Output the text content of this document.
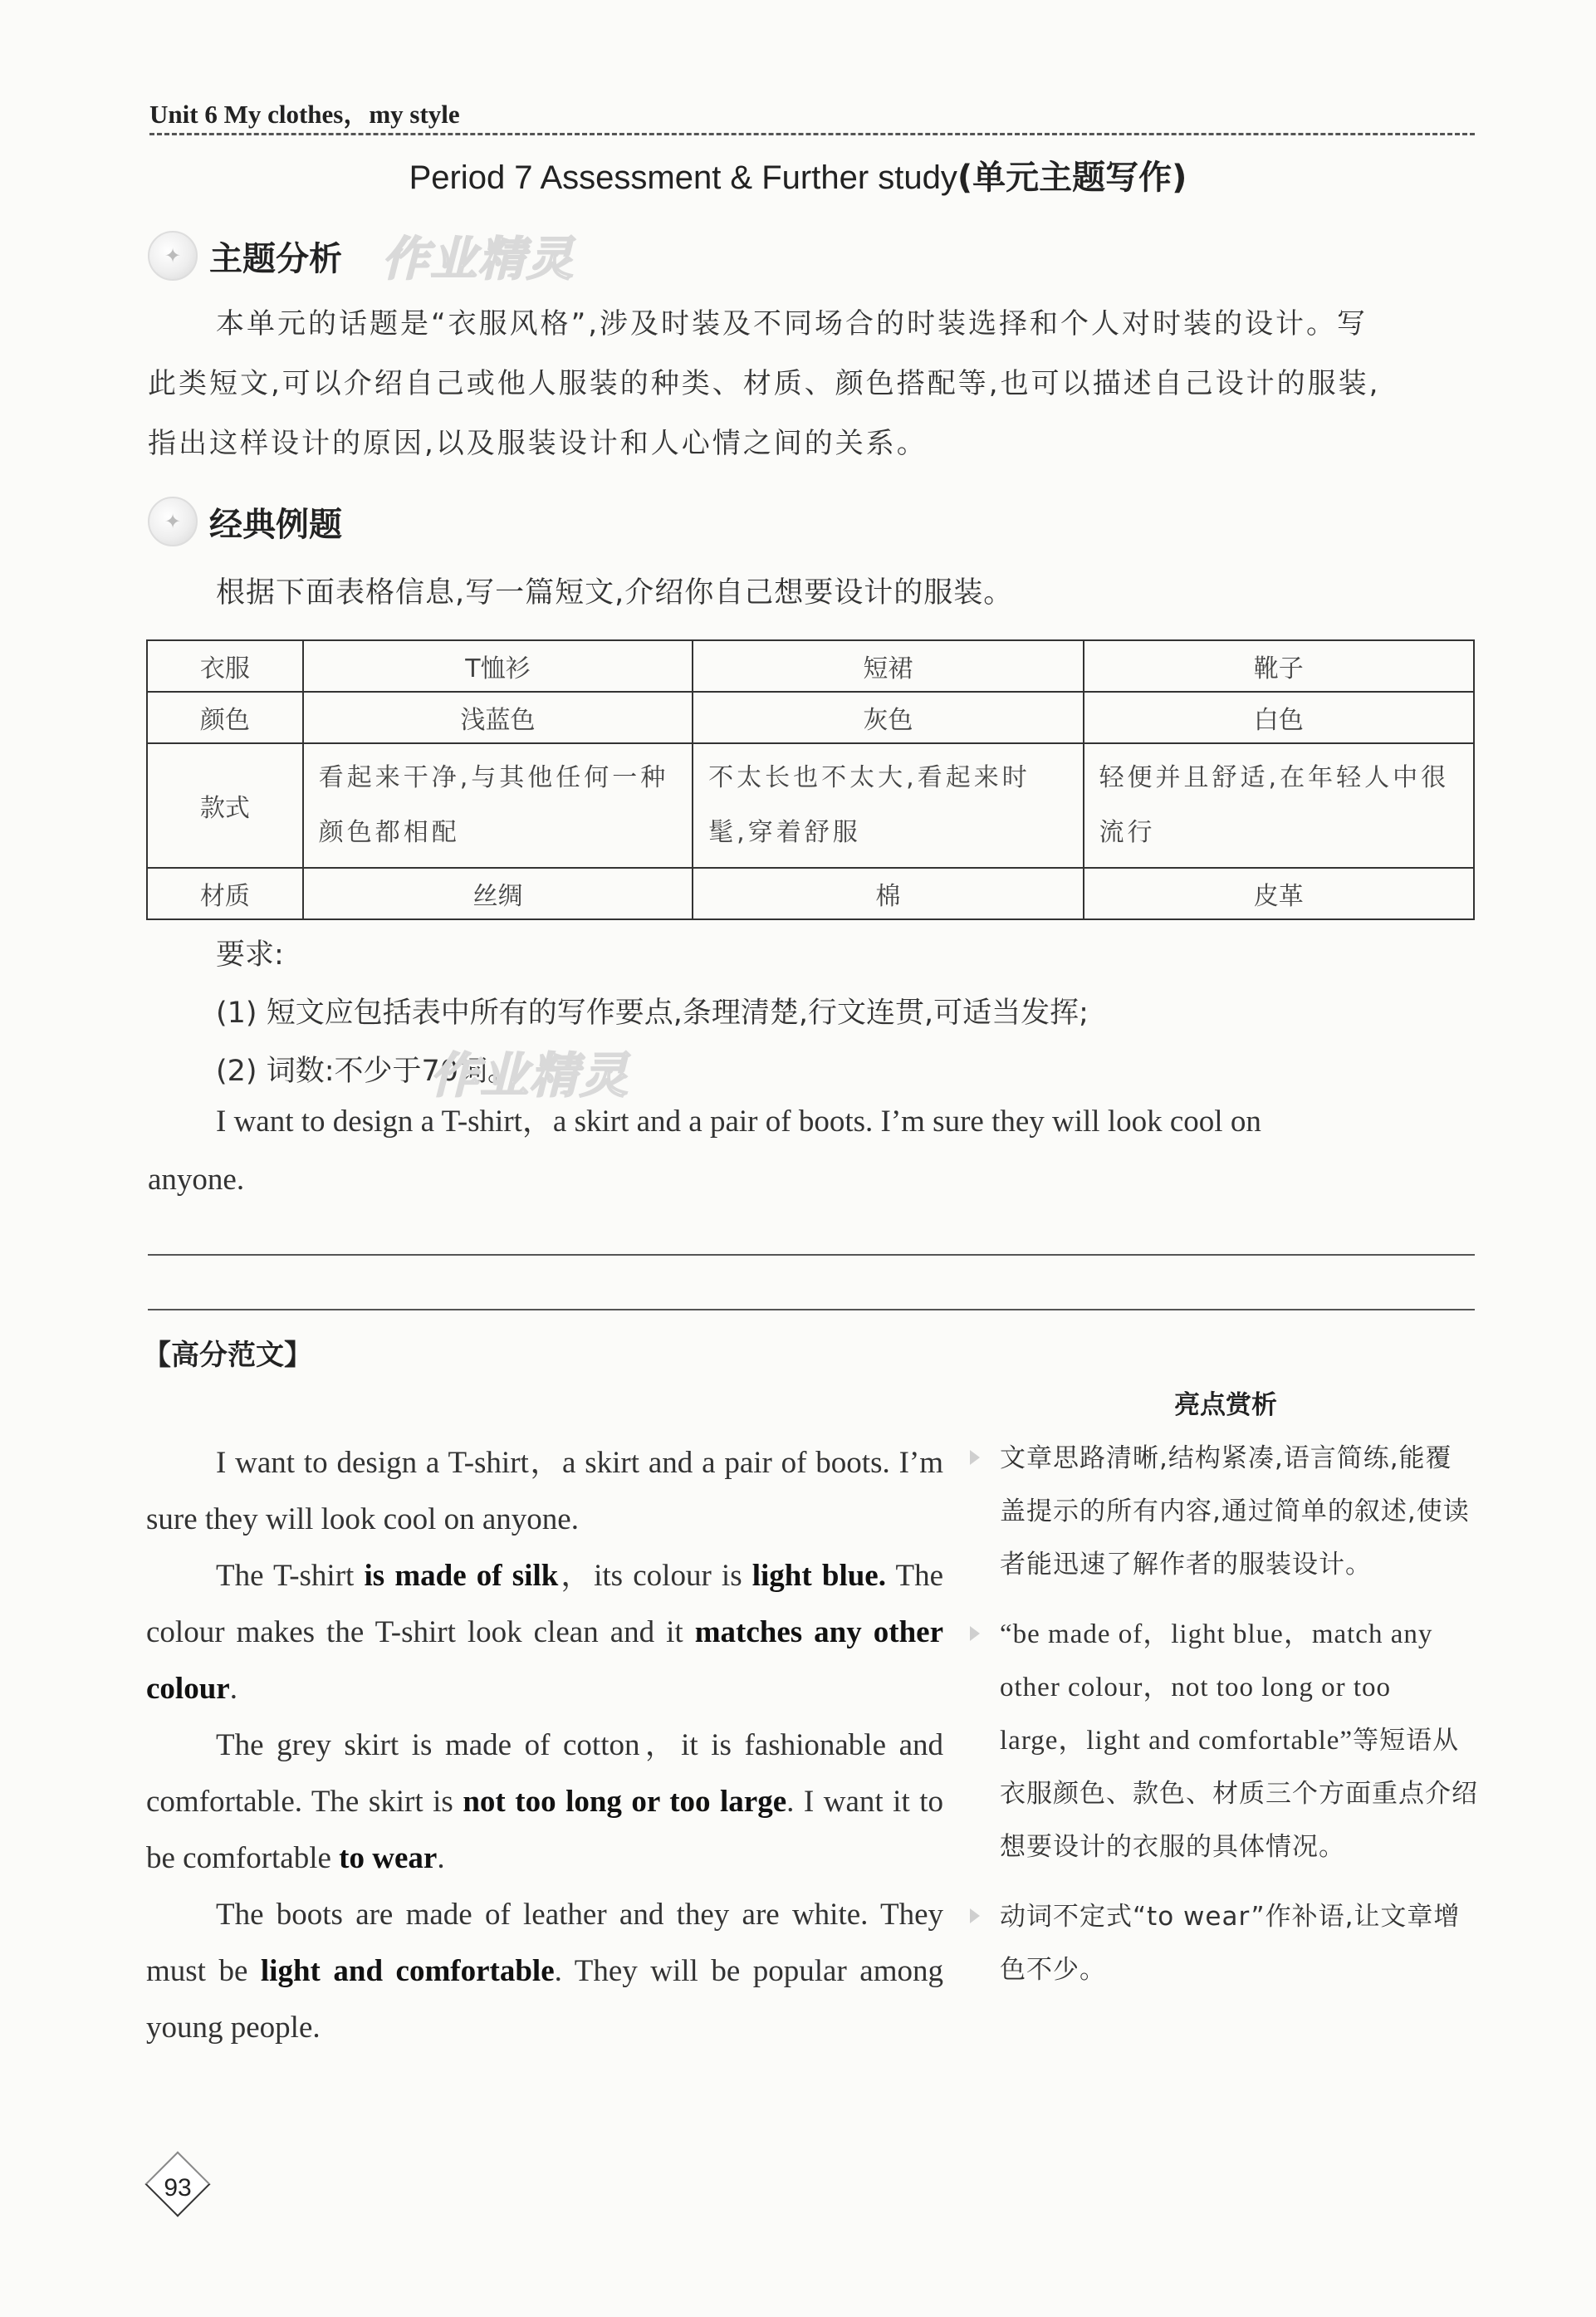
Unit 6 My clothes，my style
Period 7 Assessment & Further study(单元主题写作)
✦ 主题分析 作业精灵
本单元的话题是“衣服风格”,涉及时装及不同场合的时装选择和个人对时装的设计。写
此类短文,可以介绍自己或他人服装的种类、材质、颜色搭配等,也可以描述自己设计的服装,
指出这样设计的原因,以及服装设计和人心情之间的关系。
✦ 经典例题
根据下面表格信息,写一篇短文,介绍你自己想要设计的服装。
衣服	T恤衫	短裙	靴子
颜色	浅蓝色	灰色	白色
款式	看起来干净,与其他任何一种颜色都相配	不太长也不太大,看起来时髦,穿着舒服	轻便并且舒适,在年轻人中很流行
材质	丝绸	棉	皮革
要求:
(1) 短文应包括表中所有的写作要点,条理清楚,行文连贯,可适当发挥;
(2) 词数:不少于70词。
作业精灵
I want to design a T-shirt，a skirt and a pair of boots. I’m sure they will look cool on
anyone.
【高分范文】

I want to design a T-shirt，a skirt and a pair of boots. I’m sure they will look cool on anyone.

The T-shirt is made of silk，its colour is light blue. The colour makes the T-shirt look clean and it matches any other colour.

The grey skirt is made of cotton，it is fashionable and comfortable. The skirt is not too long or too large. I want it to be comfortable to wear.

The boots are made of leather and they are white. They must be light and comfortable. They will be popular among young people.

亮点赏析
文章思路清晰,结构紧凑,语言简练,能覆盖提示的所有内容,通过简单的叙述,使读者能迅速了解作者的服装设计。
“be made of，light blue，match any other colour，not too long or too large，light and comfortable”等短语从衣服颜色、款色、材质三个方面重点介绍想要设计的衣服的具体情况。
动词不定式“to wear”作补语,让文章增色不少。
93
